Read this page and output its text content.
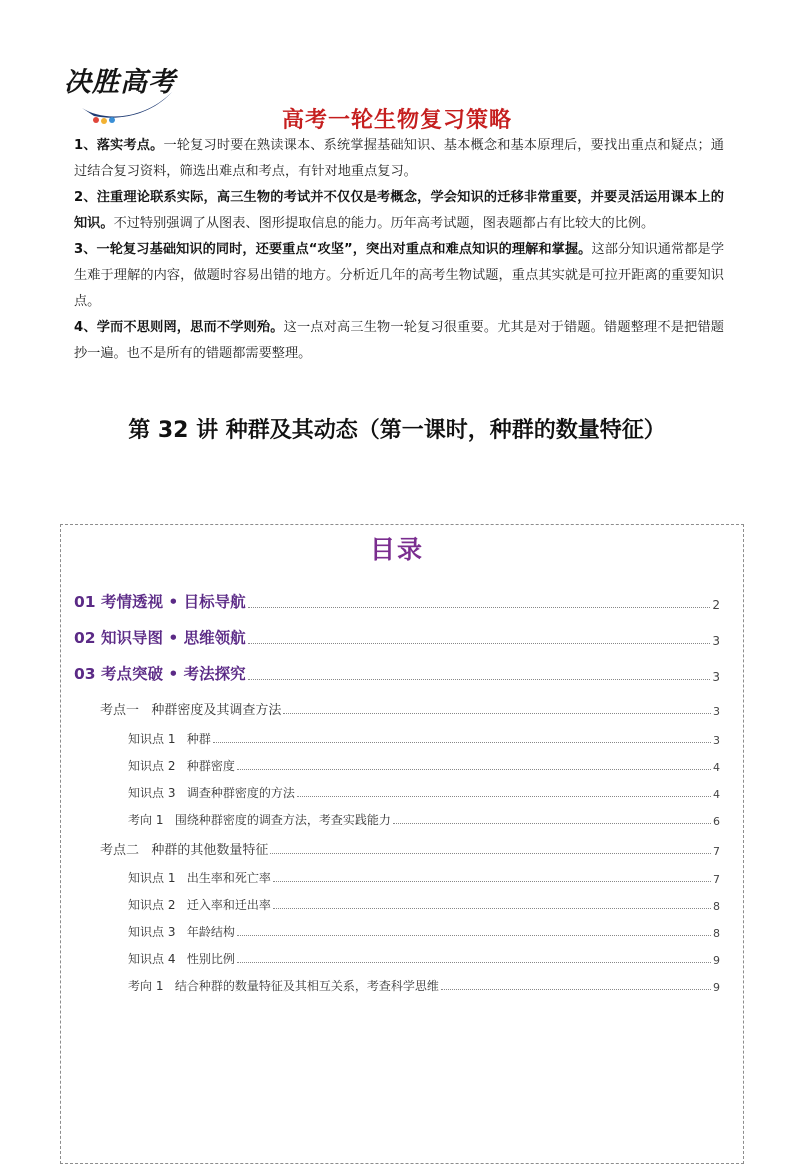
决胜高考
高考一轮生物复习策略

1、落实考点。一轮复习时要在熟读课本、系统掌握基础知识、基本概念和基本原理后，要找出重点和疑点；通过结合复习资料，筛选出难点和考点，有针对地重点复习。

2、注重理论联系实际，高三生物的考试并不仅仅是考概念，学会知识的迁移非常重要，并要灵活运用课本上的知识。不过特别强调了从图表、图形提取信息的能力。历年高考试题，图表题都占有比较大的比例。

3、一轮复习基础知识的同时，还要重点“攻坚”，突出对重点和难点知识的理解和掌握。这部分知识通常都是学生难于理解的内容，做题时容易出错的地方。分析近几年的高考生物试题，重点其实就是可拉开距离的重要知识点。

4、学而不思则罔，思而不学则殆。这一点对高三生物一轮复习很重要。尤其是对于错题。错题整理不是把错题抄一遍。也不是所有的错题都需要整理。

第 32 讲 种群及其动态（第一课时，种群的数量特征）
目录
01 考情透视 • 目标导航	2
02 知识导图 • 思维领航	3
03 考点突破 • 考法探究	3
考点一 种群密度及其调查方法	3
知识点 1 种群	3
知识点 2 种群密度	4
知识点 3 调查种群密度的方法	4
考向 1 围绕种群密度的调查方法，考查实践能力	6
考点二 种群的其他数量特征	7
知识点 1 出生率和死亡率	7
知识点 2 迁入率和迁出率	8
知识点 3 年龄结构	8
知识点 4 性别比例	9
考向 1 结合种群的数量特征及其相互关系，考查科学思维	9
